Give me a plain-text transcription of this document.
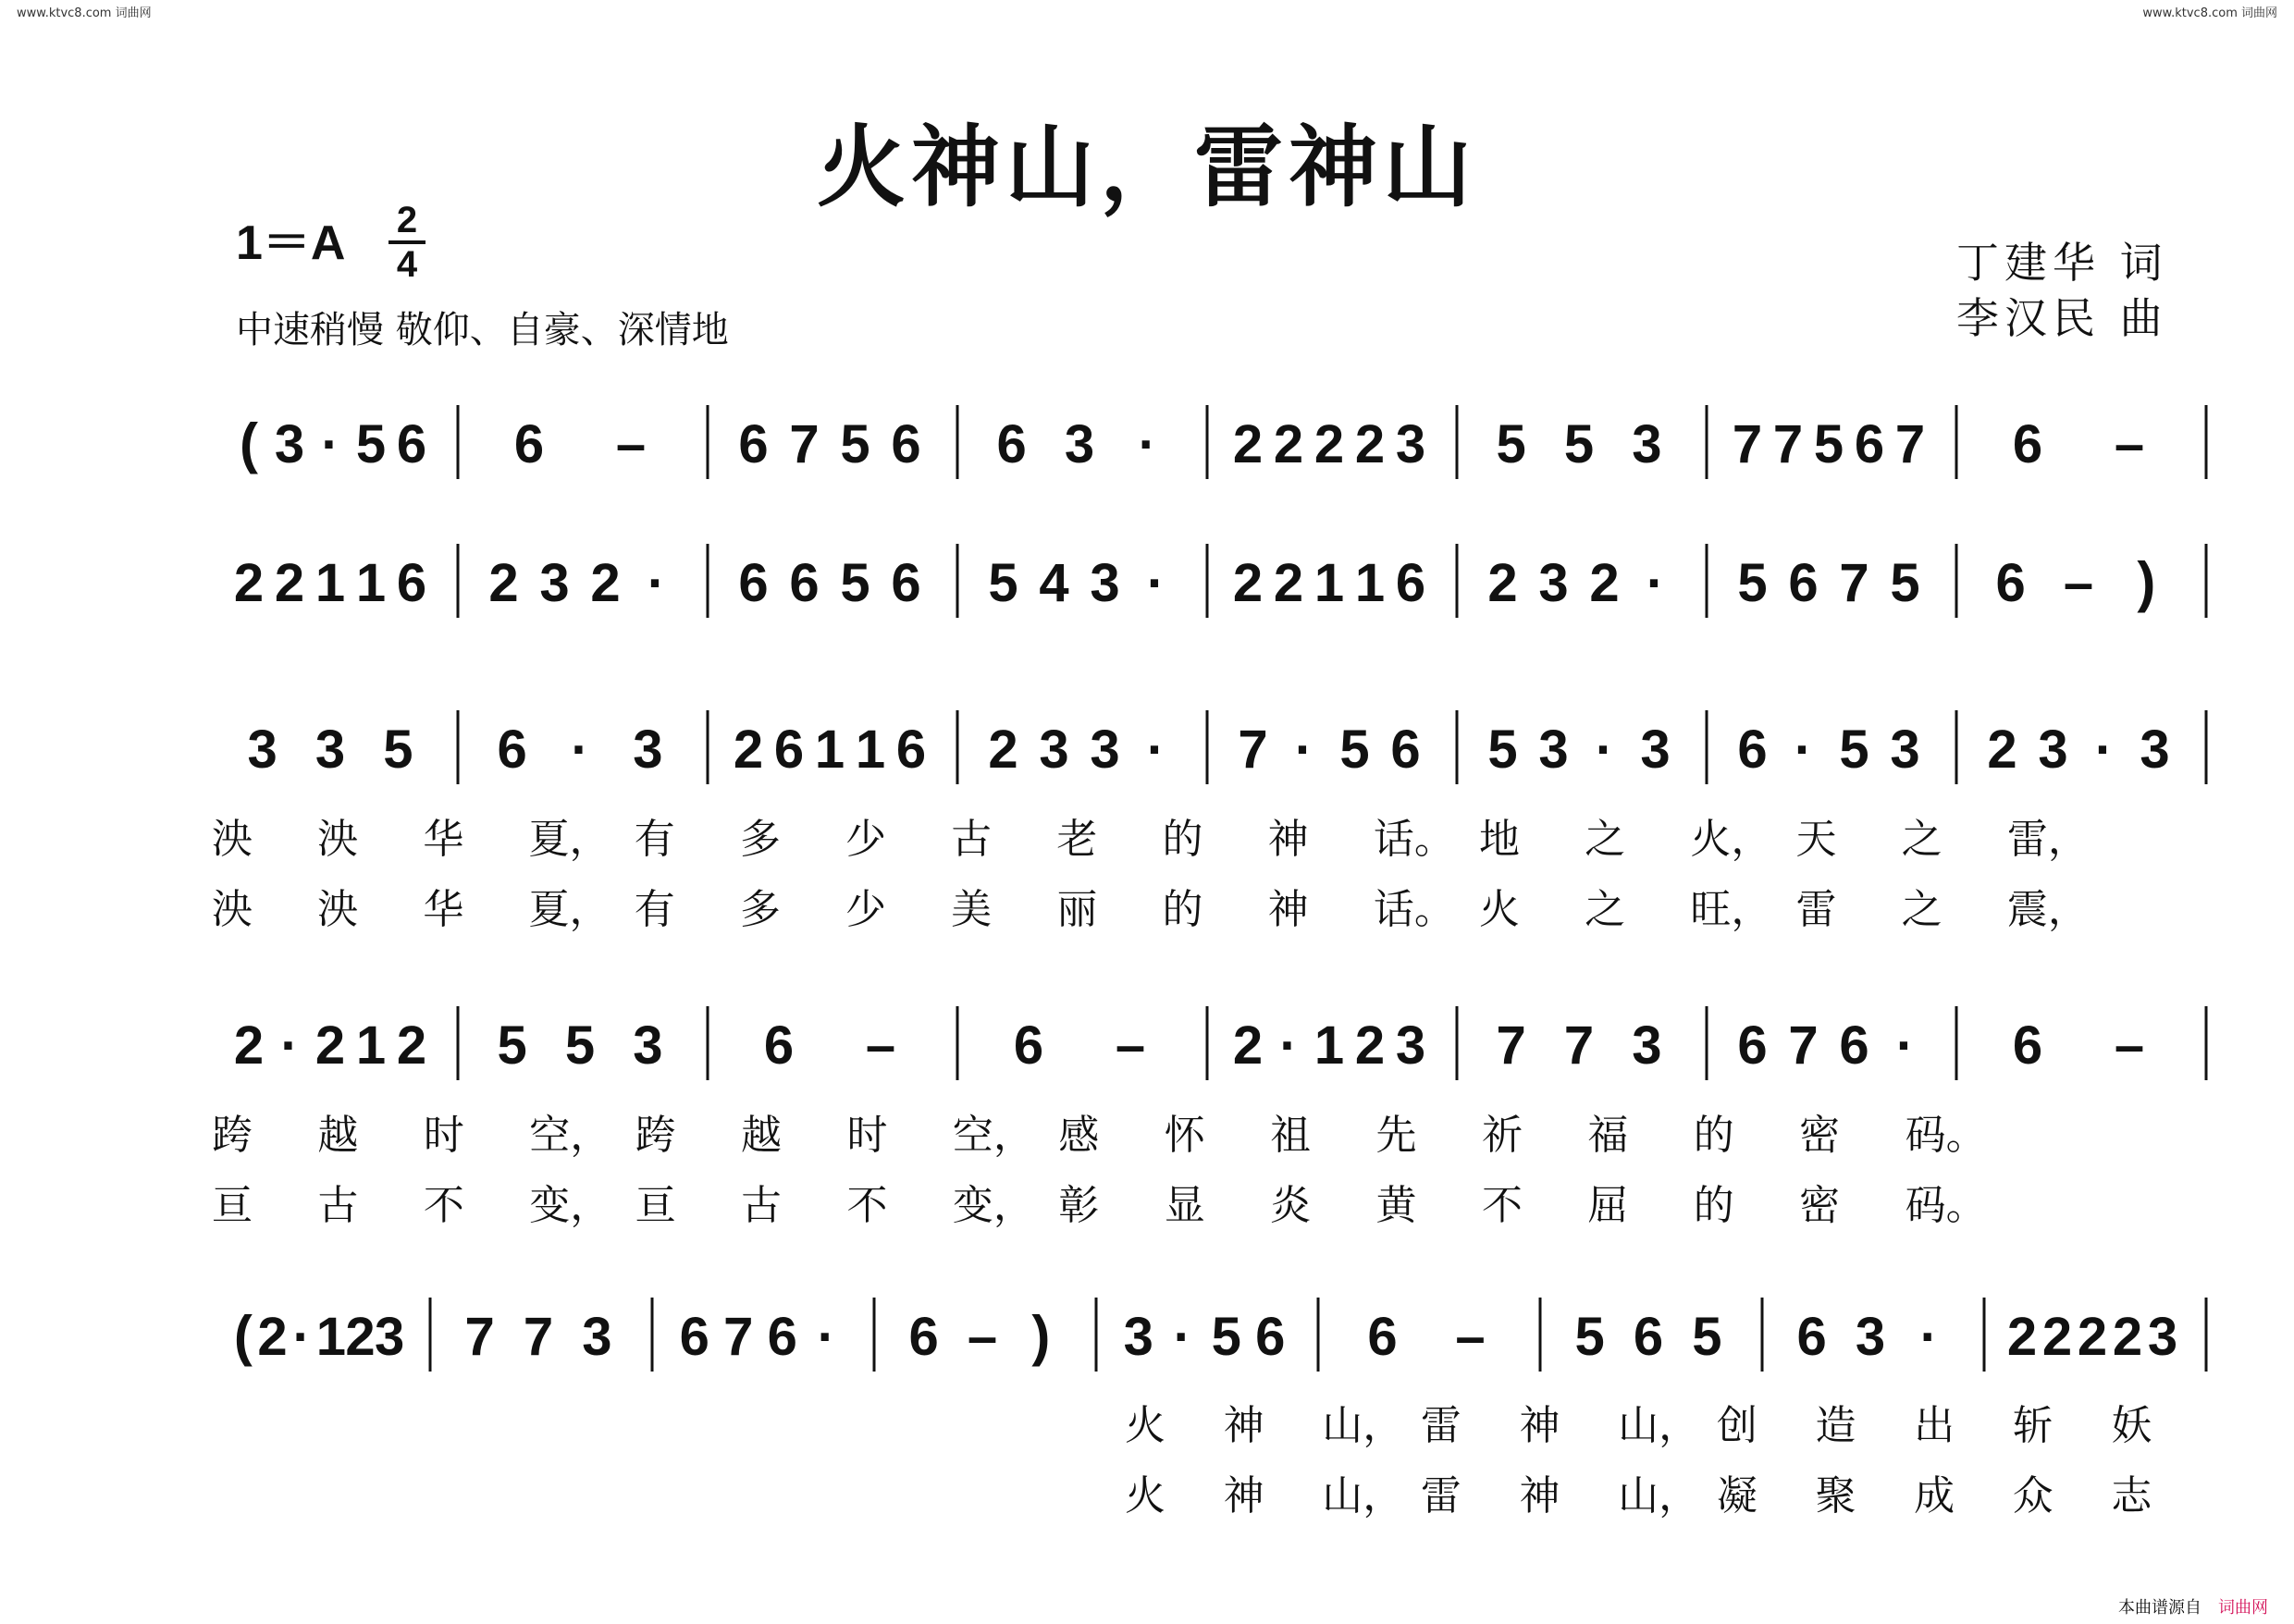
www.ktvc8.com 词曲网	www.ktvc8.com 词曲网
火神山，雷神山
1＝A 2
4
中速稍慢 敬仰、自豪、深情地
丁建华 词
李汉民 曲
( 3 · 5 6 6 – 6 7 5 6 6 3 · 2 2 2 2 3 5 5 3 7 7 5 6 7 6 –
2 2 1 1 6 2 3 2 · 6 6 5 6 5 4 3 · 2 2 1 1 6 2 3 2 · 5 6 7 5 6 – )
3 3 5 6 · 3 2 6 1 1 6 2 3 3 · 7 · 5 6 5 3 · 3 6 · 5 3 2 3 · 3
2 · 2 1 2 5 5 3 6 – 6 – 2 · 1 2 3 7 7 3 6 7 6 · 6 –
( 2 · 1 2 3 7 7 3 6 7 6 · 6 – ) 3 · 5 6 6 – 5 6 5 6 3 · 2 2 2 2 3
泱 泱 华 夏， 有 多 少 古 老 的 神 话。 地 之 火， 天 之 雷，
泱 泱 华 夏， 有 多 少 美 丽 的 神 话。 火 之 旺， 雷 之 震，
跨 越 时 空， 跨 越 时 空， 感 怀 祖 先 祈 福 的 密 码。
亘 古 不 变， 亘 古 不 变， 彰 显 炎 黄 不 屈 的 密 码。
火 神 山， 雷 神 山， 创 造 出 斩 妖
火 神 山， 雷 神 山， 凝 聚 成 众 志
本曲谱源自 词曲网
